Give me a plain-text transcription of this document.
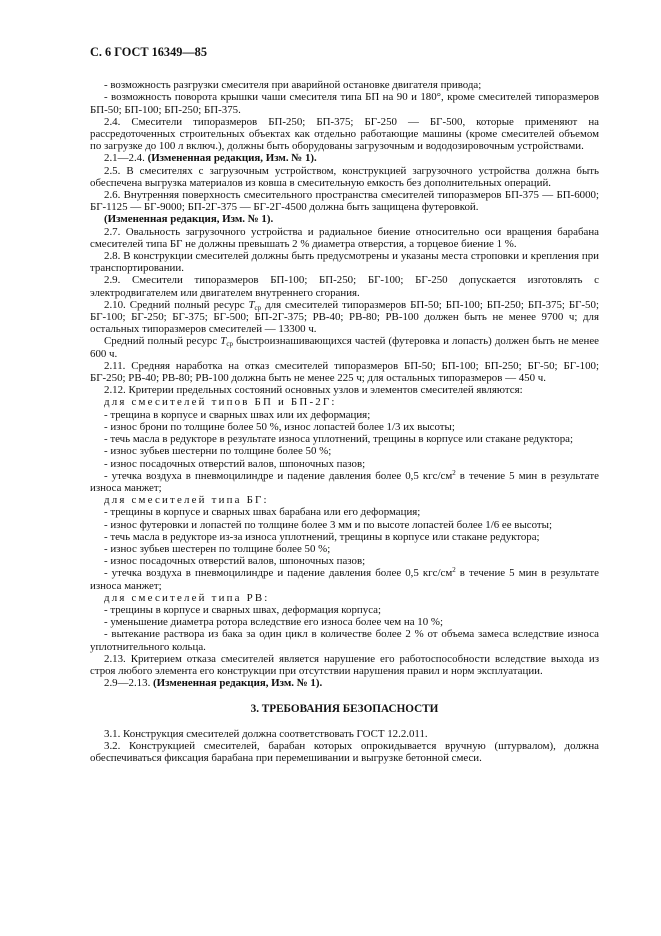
С. 6 ГОСТ 16349—85

- возможность разгрузки смесителя при аварийной остановке двигателя привода;

- возможность поворота крышки чаши смесителя типа БП на 90 и 180°, кроме смесителей типоразмеров БП-50; БП-100; БП-250; БП-375.

2.4. Смесители типоразмеров БП-250; БП-375; БГ-250 — БГ-500, которые применяют на рассредоточенных строительных объектах как отдельно работающие машины (кроме смесителей объемом по загрузке до 100 л включ.), должны быть оборудованы загрузочным и вододозировочным устройствами.

2.1—2.4. (Измененная редакция, Изм. № 1).

2.5. В смесителях с загрузочным устройством, конструкцией загрузочного устройства должна быть обеспечена выгрузка материалов из ковша в смесительную емкость без дополнительных операций.

2.6. Внутренняя поверхность смесительного пространства смесителей типоразмеров БП-375 — БП-6000; БГ-1125 — БГ-9000; БП-2Г-375 — БГ-2Г-4500 должна быть защищена футеровкой.

(Измененная редакция, Изм. № 1).

2.7. Овальность загрузочного устройства и радиальное биение относительно оси вращения барабана смесителей типа БГ не должны превышать 2 % диаметра отверстия, а торцевое биение 1 %.

2.8. В конструкции смесителей должны быть предусмотрены и указаны места строповки и крепления при транспортировании.

2.9. Смесители типоразмеров БП-100; БП-250; БГ-100; БГ-250 допускается изготовлять с электродвигателем или двигателем внутреннего сгорания.

2.10. Средний полный ресурс $T_{ср}$ для смесителей типоразмеров БП-50; БП-100; БП-250; БП-375; БГ-50; БГ-100; БГ-250; БГ-375; БГ-500; БП-2Г-375; РВ-40; РВ-80; РВ-100 должен быть не менее 9700 ч; для остальных типоразмеров смесителей — 13300 ч.

Средний полный ресурс $T_{ср}$ быстроизнашивающихся частей (футеровка и лопасть) должен быть не менее 600 ч.

2.11. Средняя наработка на отказ смесителей типоразмеров БП-50; БП-100; БП-250; БГ-50; БГ-100; БГ-250; РВ-40; РВ-80; РВ-100 должна быть не менее 225 ч; для остальных типоразмеров — 450 ч.

2.12. Критерии предельных состояний основных узлов и элементов смесителей являются:

для смесителей типов БП и БП-2Г:

- трещина в корпусе и сварных швах или их деформация;

- износ брони по толщине более 50 %, износ лопастей более 1/3 их высоты;

- течь масла в редукторе в результате износа уплотнений, трещины в корпусе или стакане редуктора;

- износ зубьев шестерни по толщине более 50 %;

- износ посадочных отверстий валов, шпоночных пазов;

- утечка воздуха в пневмоцилиндре и падение давления более 0,5 кгс/$см^2$ в течение 5 мин в результате износа манжет;

для смесителей типа БГ:

- трещины в корпусе и сварных швах барабана или его деформация;

- износ футеровки и лопастей по толщине более 3 мм и по высоте лопастей более 1/6 ее высоты;

- течь масла в редукторе из-за износа уплотнений, трещины в корпусе или стакане редуктора;

- износ зубьев шестерен по толщине более 50 %;

- износ посадочных отверстий валов, шпоночных пазов;

- утечка воздуха в пневмоцилиндре и падение давления более 0,5 кгс/$см^2$ в течение 5 мин в результате износа манжет;

для смесителей типа РВ:

- трещины в корпусе и сварных швах, деформация корпуса;

- уменьшение диаметра ротора вследствие его износа более чем на 10 %;

- вытекание раствора из бака за один цикл в количестве более 2 % от объема замеса вследствие износа уплотнительного кольца.

2.13. Критерием отказа смесителей является нарушение его работоспособности вследствие выхода из строя любого элемента его конструкции при отсутствии нарушения правил и норм эксплуатации.

2.9—2.13. (Измененная редакция, Изм. № 1).

3. ТРЕБОВАНИЯ БЕЗОПАСНОСТИ

3.1. Конструкция смесителей должна соответствовать ГОСТ 12.2.011.

3.2. Конструкцией смесителей, барабан которых опрокидывается вручную (штурвалом), должна обеспечиваться фиксация барабана при перемешивании и выгрузке бетонной смеси.
